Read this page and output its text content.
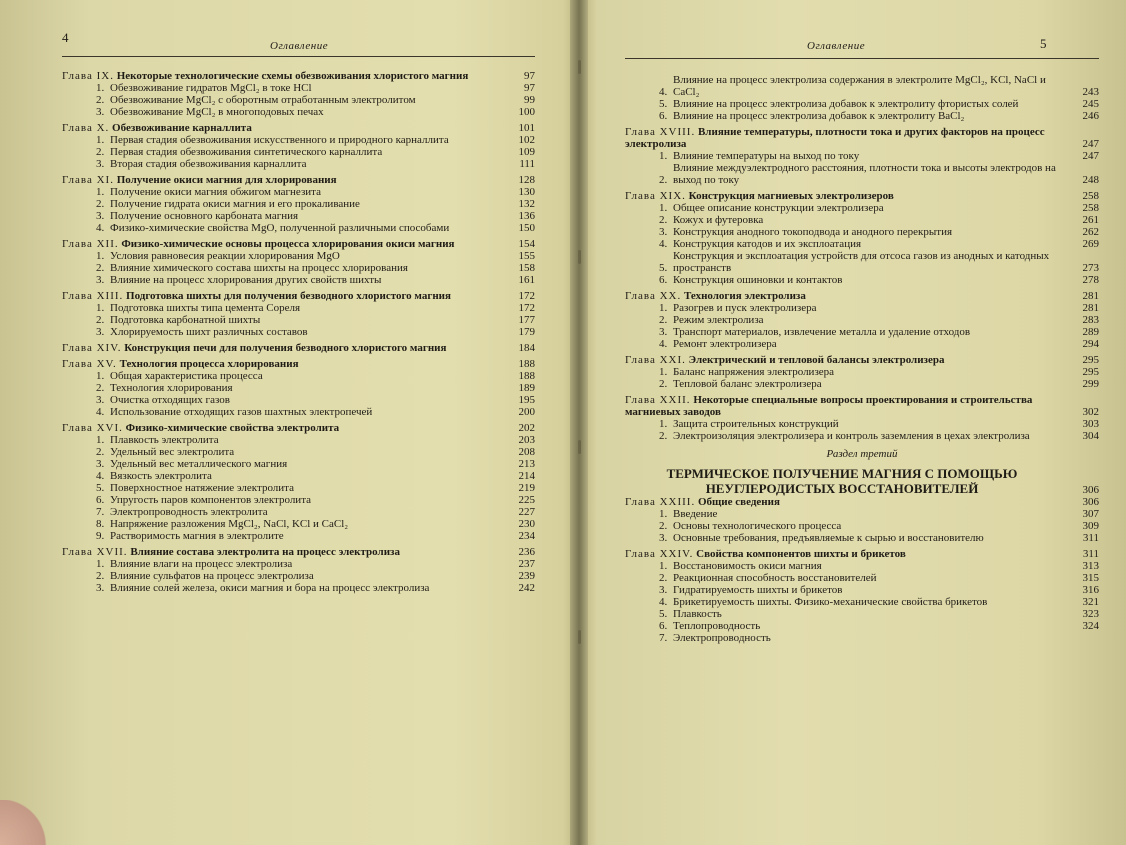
4
Оглавление
Глава IX. Некоторые технологические схемы обезвоживания хлористого магния	97
1. Обезвоживание гидратов MgCl₂ в токе HCl	97
2. Обезвоживание MgCl₂ с оборотным отработанным электролитом	99
3. Обезвоживание MgCl₂ в многоподовых печах	100
Глава X. Обезвоживание карналлита	101
1. Первая стадия обезвоживания искусственного и природного карналлита	102
2. Первая стадия обезвоживания синтетического карналлита	109
3. Вторая стадия обезвоживания карналлита	111
Глава XI. Получение окиси магния для хлорирования	128
1. Получение окиси магния обжигом магнезита	130
2. Получение гидрата окиси магния и его прокаливание	132
3. Получение основного карбоната магния	136
4. Физико-химические свойства MgO, полученной различными способами	150
Глава XII. Физико-химические основы процесса хлорирования окиси магния	154
1. Условия равновесия реакции хлорирования MgO	155
2. Влияние химического состава шихты на процесс хлорирования	158
3. Влияние на процесс хлорирования других свойств шихты	161
Глава XIII. Подготовка шихты для получения безводного хлористого магния	172
1. Подготовка шихты типа цемента Сореля	172
2. Подготовка карбонатной шихты	177
3. Хлорируемость шихт различных составов	179
Глава XIV. Конструкция печи для получения безводного хлористого магния	184
Глава XV. Технология процесса хлорирования	188
1. Общая характеристика процесса	188
2. Технология хлорирования	189
3. Очистка отходящих газов	195
4. Использование отходящих газов шахтных электропечей	200
Глава XVI. Физико-химические свойства электролита	202
1. Плавкость электролита	203
2. Удельный вес электролита	208
3. Удельный вес металлического магния	213
4. Вязкость электролита	214
5. Поверхностное натяжение электролита	219
6. Упругость паров компонентов электролита	225
7. Электропроводность электролита	227
8. Напряжение разложения MgCl₂, NaCl, KCl и CaCl₂	230
9. Растворимость магния в электролите	234
Глава XVII. Влияние состава электролита на процесс электролиза	236
1. Влияние влаги на процесс электролиза	237
2. Влияние сульфатов на процесс электролиза	239
3. Влияние солей железа, окиси магния и бора на процесс электролиза	242
Оглавление	5
4.
Влияние на процесс электролиза содержания в электролите MgCl₂, KCl, NaCl и CaCl₂	243
5. Влияние на процесс электролиза добавок к электролиту фтористых солей	245
6. Влияние на процесс электролиза добавок к электролиту BaCl₂	246
Глава XVIII. Влияние температуры, плотности тока и других факторов на процесс электролиза	247
1. Влияние температуры на выход по току	247
2.
Влияние междуэлектродного расстояния, плотности тока и высоты электродов на выход по току	248
Глава XIX. Конструкция магниевых электролизеров	258
1. Общее описание конструкции электролизера	258
2. Кожух и футеровка	261
3. Конструкция анодного токоподвода и анодного перекрытия	262
4. Конструкция катодов и их эксплоатация	269
5.
Конструкция и эксплоатация устройств для отсоса газов из анодных и катодных пространств	273
6. Конструкция ошиновки и контактов	278
Глава XX. Технология электролиза	281
1. Разогрев и пуск электролизера	281
2. Режим электролиза	283
3. Транспорт материалов, извлечение металла и удаление отходов	289
4. Ремонт электролизера	294
Глава XXI. Электрический и тепловой балансы электролизера	295
1. Баланс напряжения электролизера	295
2. Тепловой баланс электролизера	299
Глава XXII. Некоторые специальные вопросы проектирования и строительства магниевых заводов	302
1. Защита строительных конструкций	303
2. Электроизоляция электролизера и контроль заземления в цехах электролиза	304
Раздел третий
ТЕРМИЧЕСКОЕ ПОЛУЧЕНИЕ МАГНИЯ С ПОМОЩЬЮ НЕУГЛЕРОДИСТЫХ ВОССТАНОВИТЕЛЕЙ	306
Глава XXIII. Общие сведения	306
1. Введение	307
2. Основы технологического процесса	309
3. Основные требования, предъявляемые к сырью и восстановителю	311
Глава XXIV. Свойства компонентов шихты и брикетов	311
1. Восстановимость окиси магния	313
2. Реакционная способность восстановителей	315
3. Гидратируемость шихты и брикетов	316
4. Брикетируемость шихты. Физико-механические свойства брикетов	321
5. Плавкость	323
6. Теплопроводность	324
7. Электропроводность
